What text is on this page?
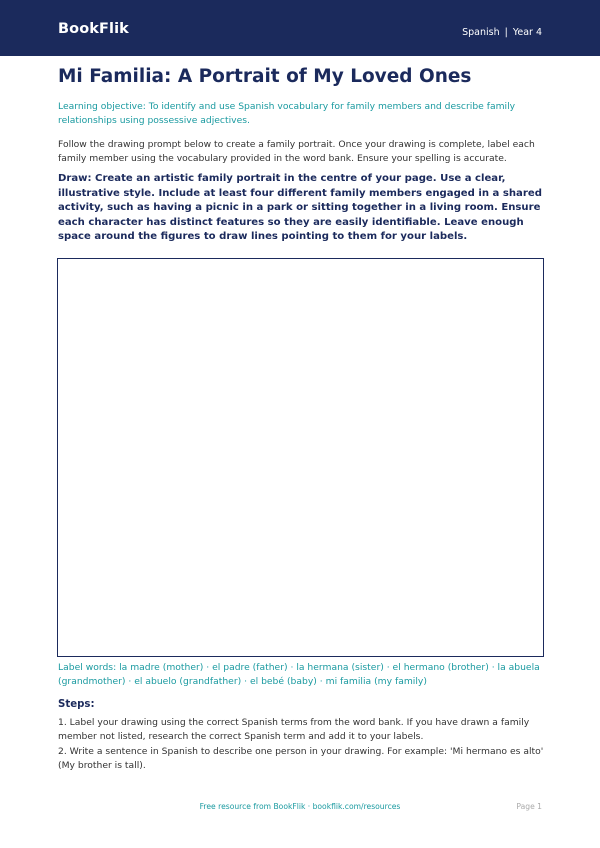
BookFlik	Spanish | Year 4
Mi Familia: A Portrait of My Loved Ones

Learning objective: To identify and use Spanish vocabulary for family members and describe family relationships using possessive adjectives.

Follow the drawing prompt below to create a family portrait. Once your drawing is complete, label each family member using the vocabulary provided in the word bank. Ensure your spelling is accurate.

Draw: Create an artistic family portrait in the centre of your page. Use a clear, illustrative style. Include at least four different family members engaged in a shared activity, such as having a picnic in a park or sitting together in a living room. Ensure each character has distinct features so they are easily identifiable. Leave enough space around the figures to draw lines pointing to them for your labels.

Label words: la madre (mother) · el padre (father) · la hermana (sister) · el hermano (brother) · la abuela (grandmother) · el abuelo (grandfather) · el bebé (baby) · mi familia (my family)

Steps:

1. Label your drawing using the correct Spanish terms from the word bank. If you have drawn a family member not listed, research the correct Spanish term and add it to your labels.

2. Write a sentence in Spanish to describe one person in your drawing. For example: 'Mi hermano es alto' (My brother is tall).

Free resource from BookFlik · bookflik.com/resources	Page 1
